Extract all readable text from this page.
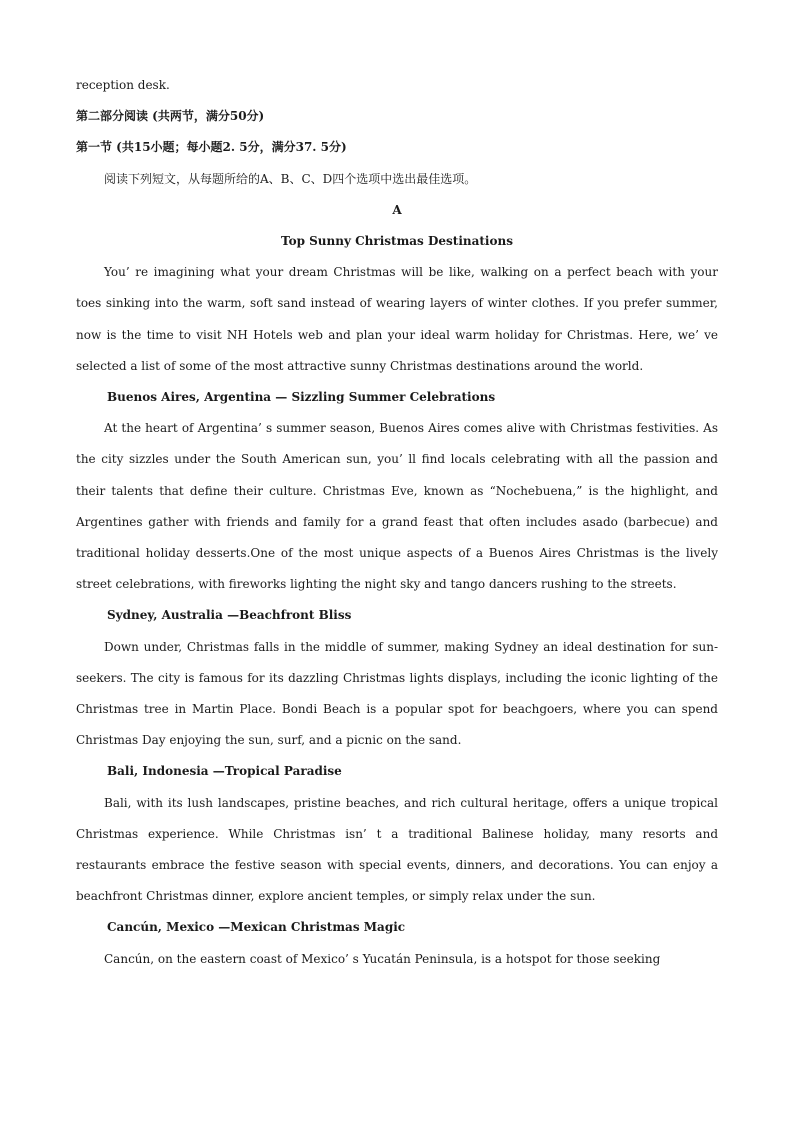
reception desk.

第二部分阅读 (共两节，满分50分)

第一节 (共15小题；每小题2. 5分，满分37. 5分)

阅读下列短文，从每题所给的A、B、C、D四个选项中选出最佳选项。

A

Top Sunny Christmas Destinations

You’ re imagining what your dream Christmas will be like, walking on a perfect beach with your toes sinking into the warm, soft sand instead of wearing layers of winter clothes. If you prefer summer, now is the time to visit NH Hotels web and plan your ideal warm holiday for Christmas. Here, we’ ve selected a list of some of the most attractive sunny Christmas destinations around the world.

Buenos Aires, Argentina — Sizzling Summer Celebrations

At the heart of Argentina’ s summer season, Buenos Aires comes alive with Christmas festivities. As the city sizzles under the South American sun, you’ ll find locals celebrating with all the passion and their talents that define their culture. Christmas Eve, known as “Nochebuena,” is the highlight, and Argentines gather with friends and family for a grand feast that often includes asado (barbecue) and traditional holiday desserts.One of the most unique aspects of a Buenos Aires Christmas is the lively street celebrations, with fireworks lighting the night sky and tango dancers rushing to the streets.

Sydney, Australia —Beachfront Bliss

Down under, Christmas falls in the middle of summer, making Sydney an ideal destination for sun-seekers. The city is famous for its dazzling Christmas lights displays, including the iconic lighting of the Christmas tree in Martin Place. Bondi Beach is a popular spot for beachgoers, where you can spend Christmas Day enjoying the sun, surf, and a picnic on the sand.

Bali, Indonesia —Tropical Paradise

Bali, with its lush landscapes, pristine beaches, and rich cultural heritage, offers a unique tropical Christmas experience. While Christmas isn’ t a traditional Balinese holiday, many resorts and restaurants embrace the festive season with special events, dinners, and decorations. You can enjoy a beachfront Christmas dinner, explore ancient temples, or simply relax under the sun.

Cancún, Mexico —Mexican Christmas Magic

Cancún, on the eastern coast of Mexico’ s Yucatán Peninsula, is a hotspot for those seeking
